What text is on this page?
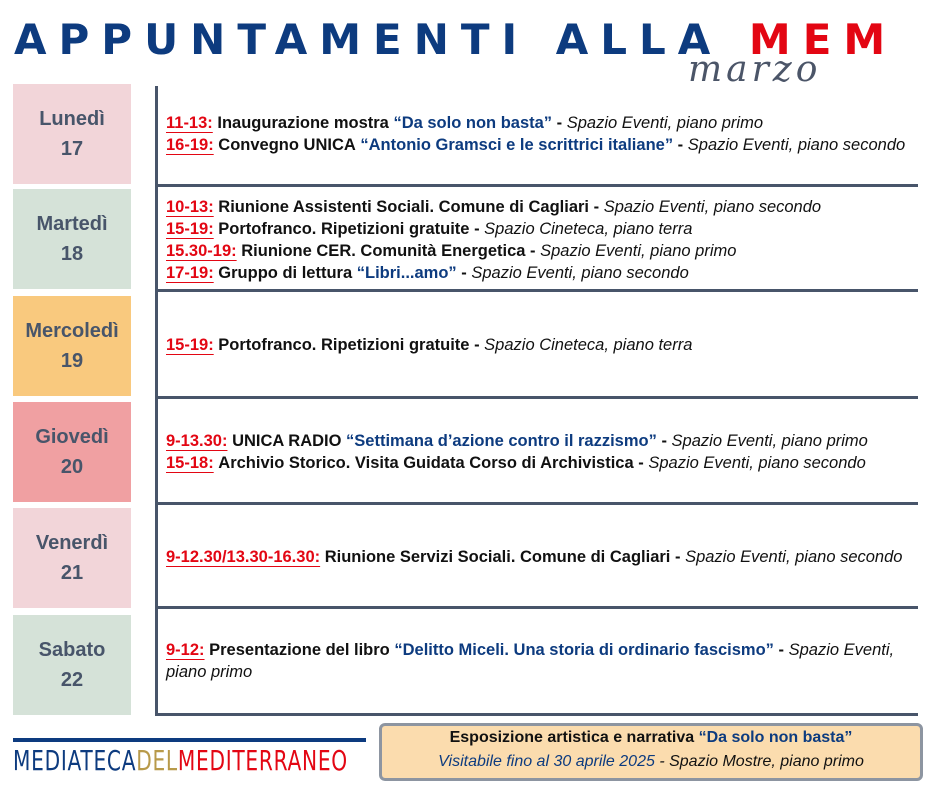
APPUNTAMENTI ALLA MEM
marzo
Lunedì
17

11-13: Inaugurazione mostra “Da solo non basta” - Spazio Eventi, piano primo

16-19: Convegno UNICA “Antonio Gramsci e le scrittrici italiane” - Spazio Eventi, piano secondo

Martedì
18

10-13: Riunione Assistenti Sociali. Comune di Cagliari - Spazio Eventi, piano secondo

15-19: Portofranco. Ripetizioni gratuite - Spazio Cineteca, piano terra

15.30-19: Riunione CER. Comunità Energetica - Spazio Eventi, piano primo

17-19: Gruppo di lettura “Libri...amo” - Spazio Eventi, piano secondo

Mercoledì
19

15-19: Portofranco. Ripetizioni gratuite - Spazio Cineteca, piano terra

Giovedì
20

9-13.30: UNICA RADIO “Settimana d’azione contro il razzismo” - Spazio Eventi, piano primo

15-18: Archivio Storico. Visita Guidata Corso di Archivistica - Spazio Eventi, piano secondo

Venerdì
21

9-12.30/13.30-16.30: Riunione Servizi Sociali. Comune di Cagliari - Spazio Eventi, piano secondo

Sabato
22

9-12: Presentazione del libro “Delitto Miceli. Una storia di ordinario fascismo” - Spazio Eventi, piano primo

MEDIATECADELMEDITERRANEO
Esposizione artistica e narrativa “Da solo non basta”
Visitabile fino al 30 aprile 2025 - Spazio Mostre, piano primo
